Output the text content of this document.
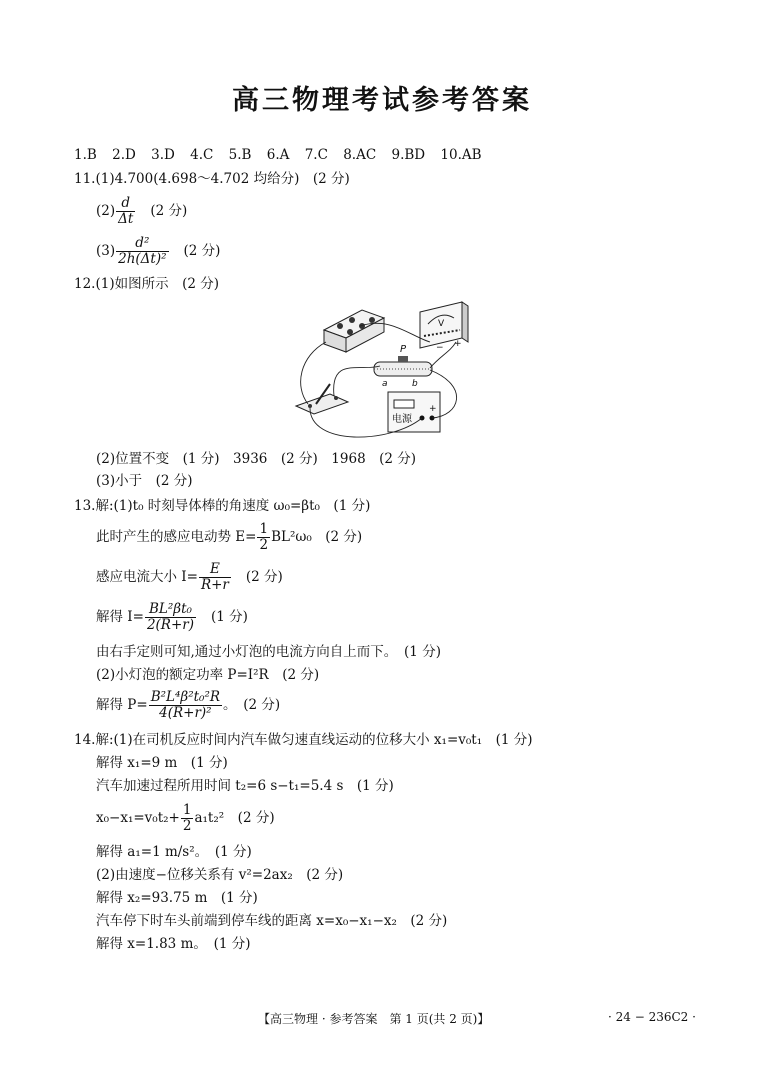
高三物理考试参考答案
1.B 2.D 3.D 4.C 5.B 6.A 7.C 8.AC 9.BD 10.AB
11.(1)4.700(4.698～4.702 均给分)　(2 分)
$(2) \frac{d}{\Delta t} (2$ 分)
$(3) \frac{\text{d²}}{\text{2h(Δt)²}} (2$ 分)
12.(1)如图所示　(2 分)
V
− +
P
a	b
电源
+
(2)位置不变　(1 分)　3936　(2 分)　1968　(2 分)
(3)小于　(2 分)
13.解:(1)t₀ 时刻导体棒的角速度 ω₀=βt₀　(1 分)
此时产生的感应电动势 $E= \frac{1}{2} BL^2\omega_0$　(2 分)
感应电流大小 $I= \frac{E}{R+r} (2$ 分)
解得 $I= \frac{\text{BL²βt₀}}{2(R+r)} (1$ 分)
由右手定则可知,通过小灯泡的电流方向自上而下。　(1 分)
(2)小灯泡的额定功率 P=I²R　(2 分)
解得 $P= \frac{\text{B²L⁴β²t₀²R}}{\text{4(R+r)²}}$ 。　(2 分)
14.解:(1)在司机反应时间内汽车做匀速直线运动的位移大小 x₁=v₀t₁　(1 分)
解得 x₁=9 m　(1 分)
汽车加速过程所用时间 t₂=6 s−t₁=5.4 s　(1 分)
$x_0-x_1=v_0t_2+ \frac{1}{2} a_1t_2^2$　(2 分)
解得 a₁=1 m/s²。　(1 分)
(2)由速度−位移关系有 v²=2ax₂　(2 分)
解得 x₂=93.75 m　(1 分)
汽车停下时车头前端到停车线的距离 x=x₀−x₁−x₂　(2 分)
解得 x=1.83 m。　(1 分)
【高三物理 · 参考答案　第 1 页(共 2 页)】	· 24 − 236C2 ·
